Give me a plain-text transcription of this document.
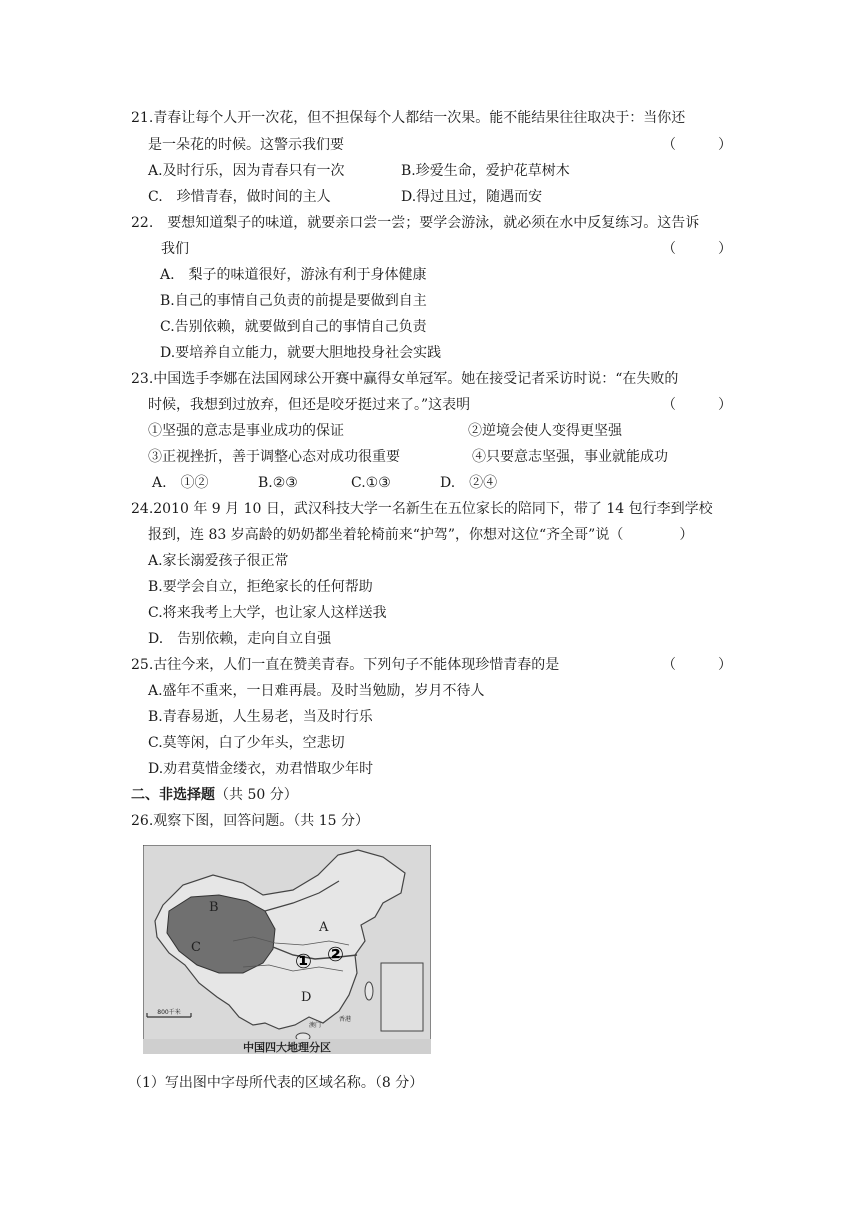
21.青春让每个人开一次花，但不担保每个人都结一次果。能不能结果往往取决于：当你还
是一朵花的时候。这警示我们要	（　　　）
A.及时行乐，因为青春只有一次	B.珍爱生命，爱护花草树木
C.　珍惜青春，做时间的主人	D.得过且过，随遇而安
22.　要想知道梨子的味道，就要亲口尝一尝；要学会游泳，就必须在水中反复练习。这告诉
我们	（　　　）
A.　梨子的味道很好，游泳有利于身体健康
B.自己的事情自己负责的前提是要做到自主
C.告别依赖，就要做到自己的事情自己负责
D.要培养自立能力，就要大胆地投身社会实践
23.中国选手李娜在法国网球公开赛中赢得女单冠军。她在接受记者采访时说：“在失败的
时候，我想到过放弃，但还是咬牙挺过来了。”这表明	（　　　）
①坚强的意志是事业成功的保证	②逆境会使人变得更坚强
③正视挫折，善于调整心态对成功很重要	④只要意志坚强，事业就能成功
A.　①②	B.②③	C.①③	D.　②④
24.2010 年 9 月 10 日，武汉科技大学一名新生在五位家长的陪同下，带了 14 包行李到学校
报到，连 83 岁高龄的奶奶都坐着轮椅前来“护驾”，你想对这位“齐全哥”说（　　　　）
A.家长溺爱孩子很正常
B.要学会自立，拒绝家长的任何帮助
C.将来我考上大学，也让家人这样送我
D.　告别依赖，走向自立自强
25.古往今来，人们一直在赞美青春。下列句子不能体现珍惜青春的是	（　　　）
A.盛年不重来，一日难再晨。及时当勉励，岁月不待人
B.青春易逝，人生易老，当及时行乐
C.莫等闲，白了少年头，空悲切
D.劝君莫惜金缕衣，劝君惜取少年时
二、非选择题（共 50 分）
26.观察下图，回答问题。（共 15 分）
800千米
B
C
A
D
① ②
澳门
香港
中国四大地理分区
（1）写出图中字母所代表的区域名称。（8 分）
